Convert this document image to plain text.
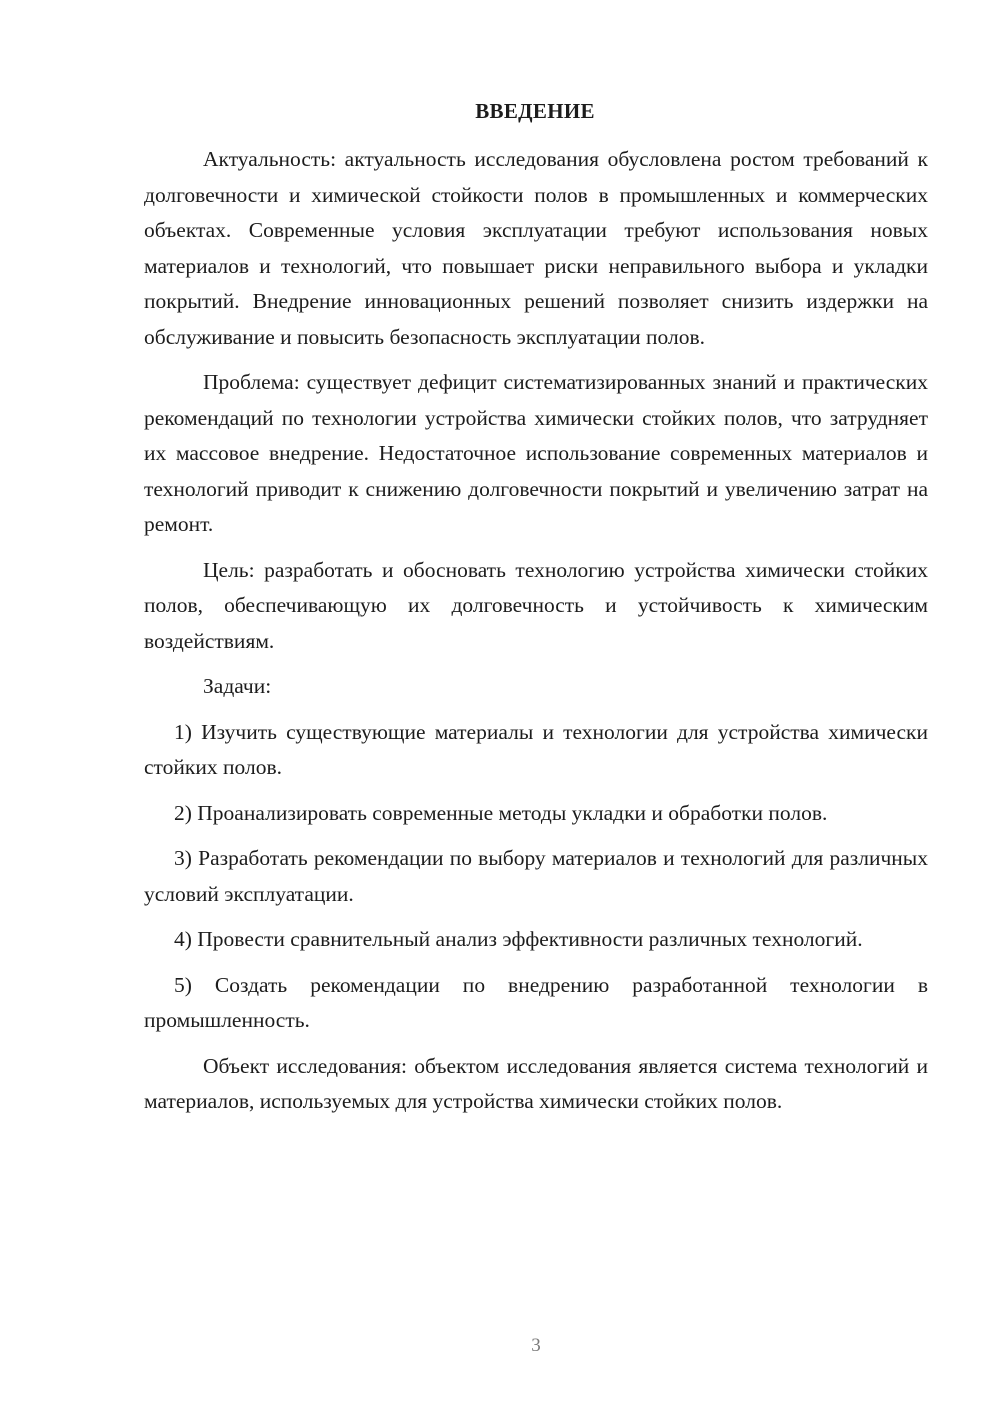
ВВЕДЕНИЕ

Актуальность: актуальность исследования обусловлена ростом требований к долговечности и химической стойкости полов в промышленных и коммерческих объектах. Современные условия эксплуатации требуют использования новых материалов и технологий, что повышает риски неправильного выбора и укладки покрытий. Внедрение инновационных решений позволяет снизить издержки на обслуживание и повысить безопасность эксплуатации полов.

Проблема: существует дефицит систематизированных знаний и практических рекомендаций по технологии устройства химически стойких полов, что затрудняет их массовое внедрение. Недостаточное использование современных материалов и технологий приводит к снижению долговечности покрытий и увеличению затрат на ремонт.

Цель: разработать и обосновать технологию устройства химически стойких полов, обеспечивающую их долговечность и устойчивость к химическим воздействиям.

Задачи:

1) Изучить существующие материалы и технологии для устройства химически стойких полов.

2) Проанализировать современные методы укладки и обработки полов.

3) Разработать рекомендации по выбору материалов и технологий для различных условий эксплуатации.

4) Провести сравнительный анализ эффективности различных технологий.

5) Создать рекомендации по внедрению разработанной технологии в промышленность.

Объект исследования: объектом исследования является система технологий и материалов, используемых для устройства химически стойких полов.

3
